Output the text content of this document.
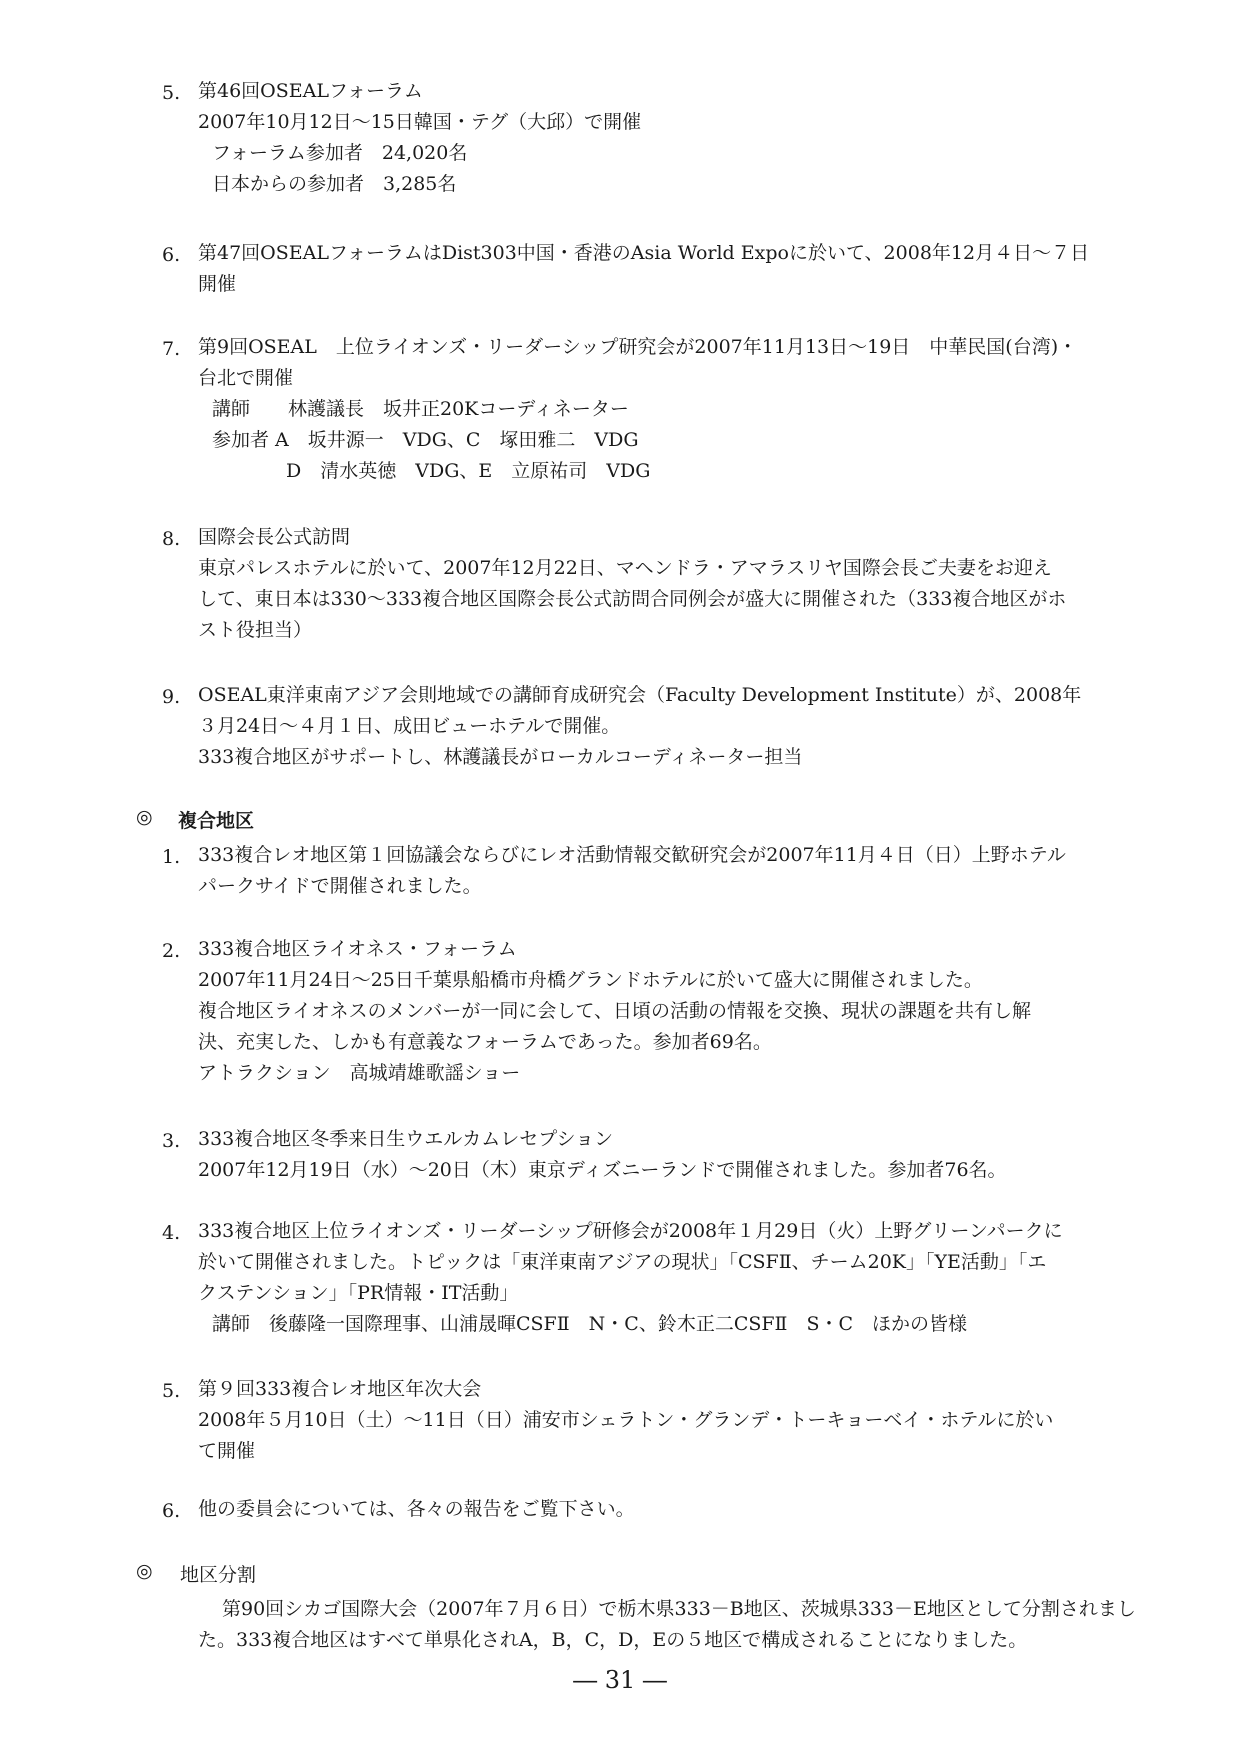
5. 第46回OSEALフォーラム
2007年10月12日～15日韓国・テグ（大邱）で開催
フォーラム参加者　24,020名
日本からの参加者　3,285名
6. 第47回OSEALフォーラムはDist303中国・香港のAsia World Expoに於いて、2008年12月４日～７日
開催
7. 第9回OSEAL　上位ライオンズ・リーダーシップ研究会が2007年11月13日～19日　中華民国(台湾)・
台北で開催
講師　　林護議長　坂井正20Kコーディネーター
参加者 A　坂井源一　VDG、C　塚田雅二　VDG
D　清水英徳　VDG、E　立原祐司　VDG
8. 国際会長公式訪問
東京パレスホテルに於いて、2007年12月22日、マヘンドラ・アマラスリヤ国際会長ご夫妻をお迎え
して、東日本は330～333複合地区国際会長公式訪問合同例会が盛大に開催された（333複合地区がホ
スト役担当）
9. OSEAL東洋東南アジア会則地域での講師育成研究会（Faculty Development Institute）が、2008年
３月24日～４月１日、成田ビューホテルで開催。
333複合地区がサポートし、林護議長がローカルコーディネーター担当
◎ 複合地区
1. 333複合レオ地区第１回協議会ならびにレオ活動情報交歓研究会が2007年11月４日（日）上野ホテル
パークサイドで開催されました。
2. 333複合地区ライオネス・フォーラム
2007年11月24日～25日千葉県船橋市舟橋グランドホテルに於いて盛大に開催されました。
複合地区ライオネスのメンバーが一同に会して、日頃の活動の情報を交換、現状の課題を共有し解
決、充実した、しかも有意義なフォーラムであった。参加者69名。
アトラクション　高城靖雄歌謡ショー
3. 333複合地区冬季来日生ウエルカムレセプション
2007年12月19日（水）～20日（木）東京ディズニーランドで開催されました。参加者76名。
4. 333複合地区上位ライオンズ・リーダーシップ研修会が2008年１月29日（火）上野グリーンパークに
於いて開催されました。トピックは「東洋東南アジアの現状」「CSFⅡ、チーム20K」「YE活動」「エ
クステンション」「PR情報・IT活動」
講師　後藤隆一国際理事、山浦晟暉CSFⅡ　N・C、鈴木正二CSFⅡ　S・C　ほかの皆様
5. 第９回333複合レオ地区年次大会
2008年５月10日（土）～11日（日）浦安市シェラトン・グランデ・トーキョーベイ・ホテルに於い
て開催
6. 他の委員会については、各々の報告をご覧下さい。
◎ 地区分割
第90回シカゴ国際大会（2007年７月６日）で栃木県333－B地区、茨城県333－E地区として分割されまし
た。333複合地区はすべて単県化されA，B，C，D，Eの５地区で構成されることになりました。
― 31 ―
